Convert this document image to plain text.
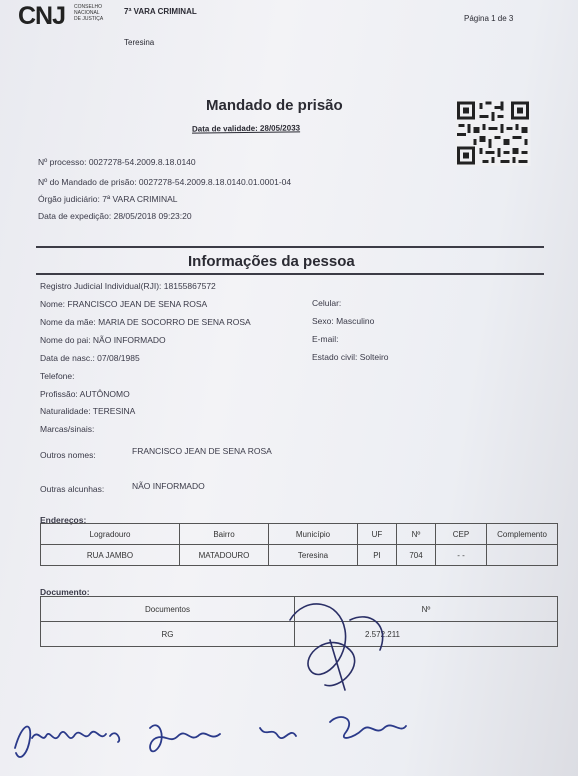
CNJ CONSELHO
NACIONAL
DE JUSTIÇA
7ª VARA CRIMINAL
Teresina
Página 1 de 3
Mandado de prisão
Data de validade: 28/05/2033
Nº processo: 0027278-54.2009.8.18.0140
Nº do Mandado de prisão: 0027278-54.2009.8.18.0140.01.0001-04
Órgão judiciário: 7ª VARA CRIMINAL
Data de expedição: 28/05/2018 09:23:20
Informações da pessoa
Registro Judicial Individual(RJI): 18155867572
Nome: FRANCISCO JEAN DE SENA ROSA
Nome da mãe: MARIA DE SOCORRO DE SENA ROSA
Nome do pai: NÃO INFORMADO
Data de nasc.: 07/08/1985
Telefone:
Profissão: AUTÔNOMO
Naturalidade: TERESINA
Marcas/sinais:
Celular:
Sexo: Masculino
E-mail:
Estado civil: Solteiro
Outros nomes:	FRANCISCO JEAN DE SENA ROSA
Outras alcunhas:	NÃO INFORMADO
Endereços:
Logradouro	Bairro	Município	UF	Nº	CEP	Complemento
RUA JAMBO	MATADOURO	Teresina	PI	704	- -	
Documento:
Documentos	Nº
RG	2.572.211
